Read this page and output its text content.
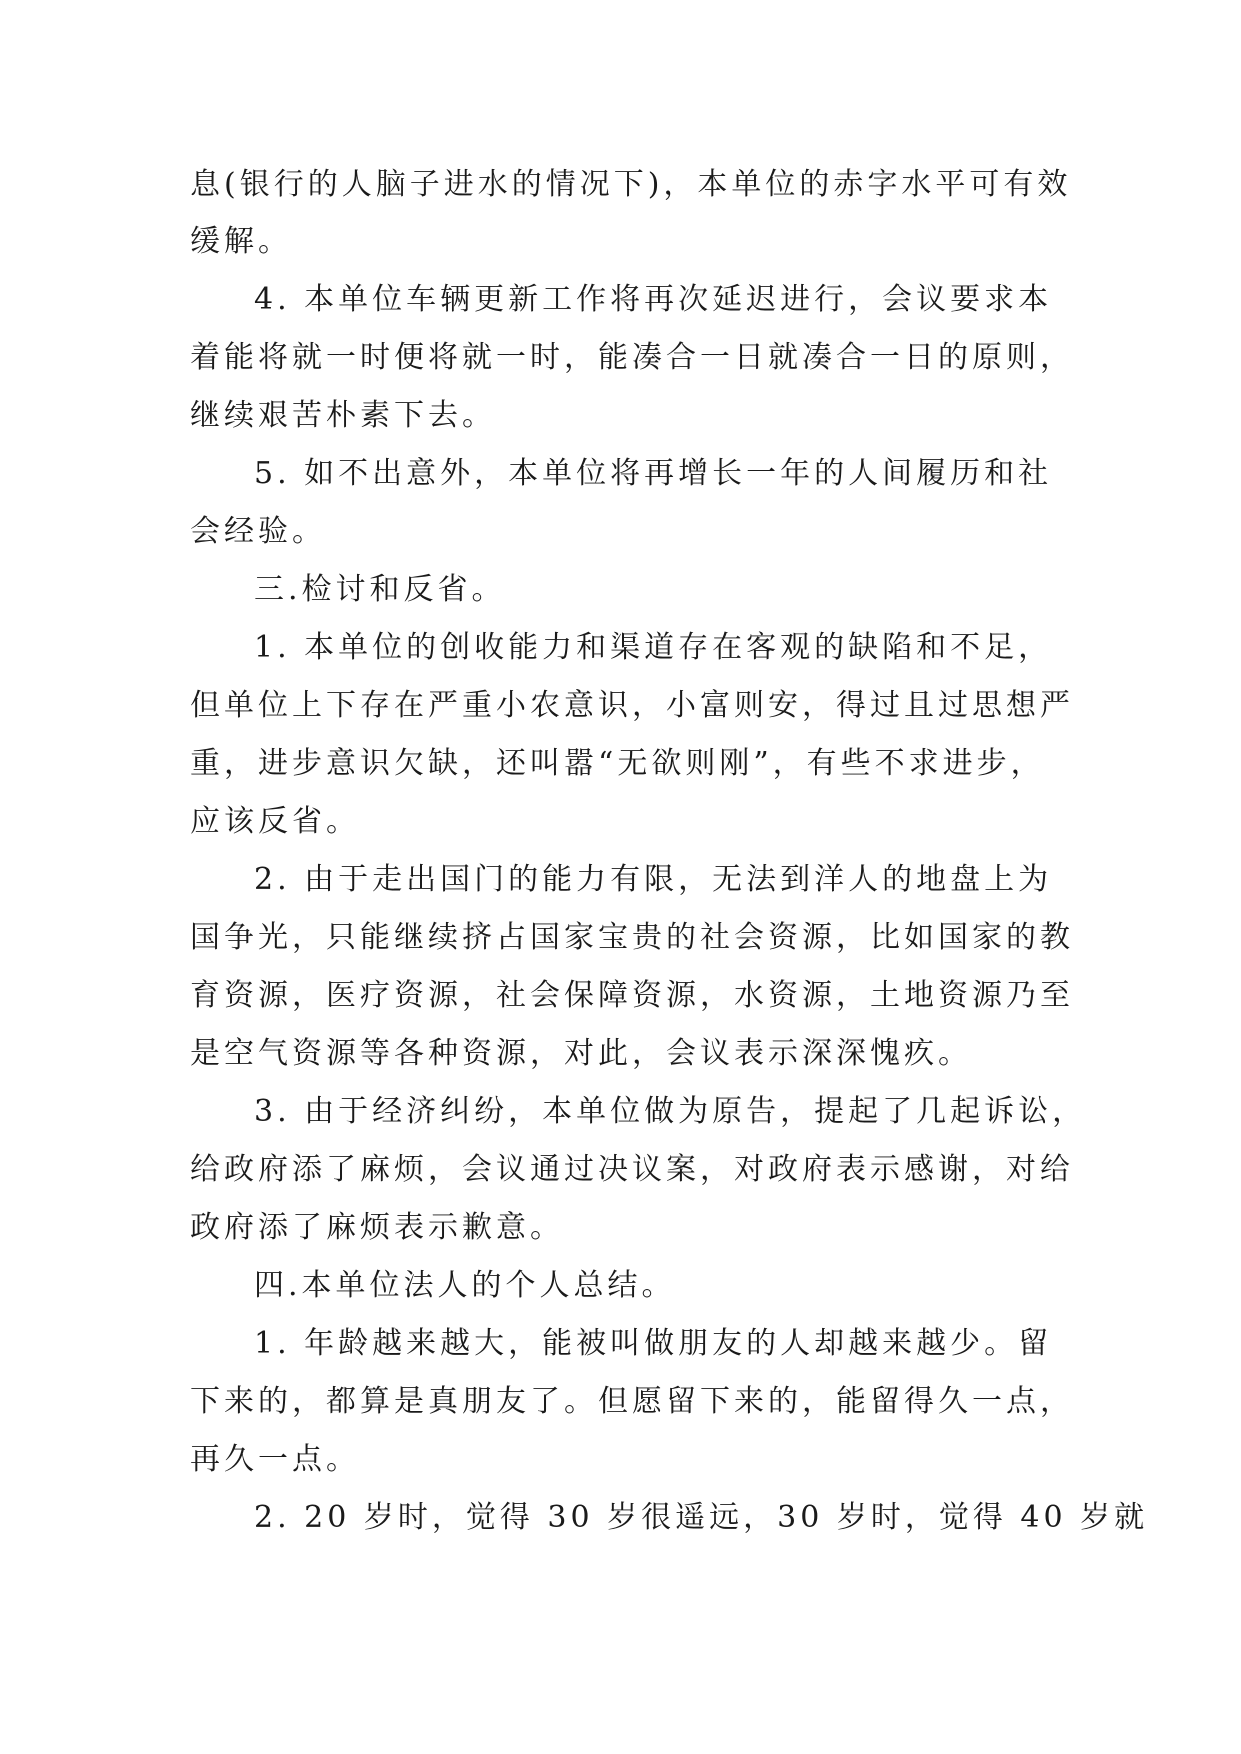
息(银行的人脑子进水的情况下)，本单位的赤字水平可有效
缓解。
4. 本单位车辆更新工作将再次延迟进行，会议要求本
着能将就一时便将就一时，能凑合一日就凑合一日的原则，
继续艰苦朴素下去。
5. 如不出意外，本单位将再增长一年的人间履历和社
会经验。
三.检讨和反省。
1. 本单位的创收能力和渠道存在客观的缺陷和不足，
但单位上下存在严重小农意识，小富则安，得过且过思想严
重，进步意识欠缺，还叫嚣“无欲则刚”，有些不求进步，
应该反省。
2. 由于走出国门的能力有限，无法到洋人的地盘上为
国争光，只能继续挤占国家宝贵的社会资源，比如国家的教
育资源，医疗资源，社会保障资源，水资源，土地资源乃至
是空气资源等各种资源，对此，会议表示深深愧疚。
3. 由于经济纠纷，本单位做为原告，提起了几起诉讼，
给政府添了麻烦，会议通过决议案，对政府表示感谢，对给
政府添了麻烦表示歉意。
四.本单位法人的个人总结。
1. 年龄越来越大，能被叫做朋友的人却越来越少。留
下来的，都算是真朋友了。但愿留下来的，能留得久一点，
再久一点。
2. 20 岁时，觉得 30 岁很遥远，30 岁时，觉得 40 岁就
